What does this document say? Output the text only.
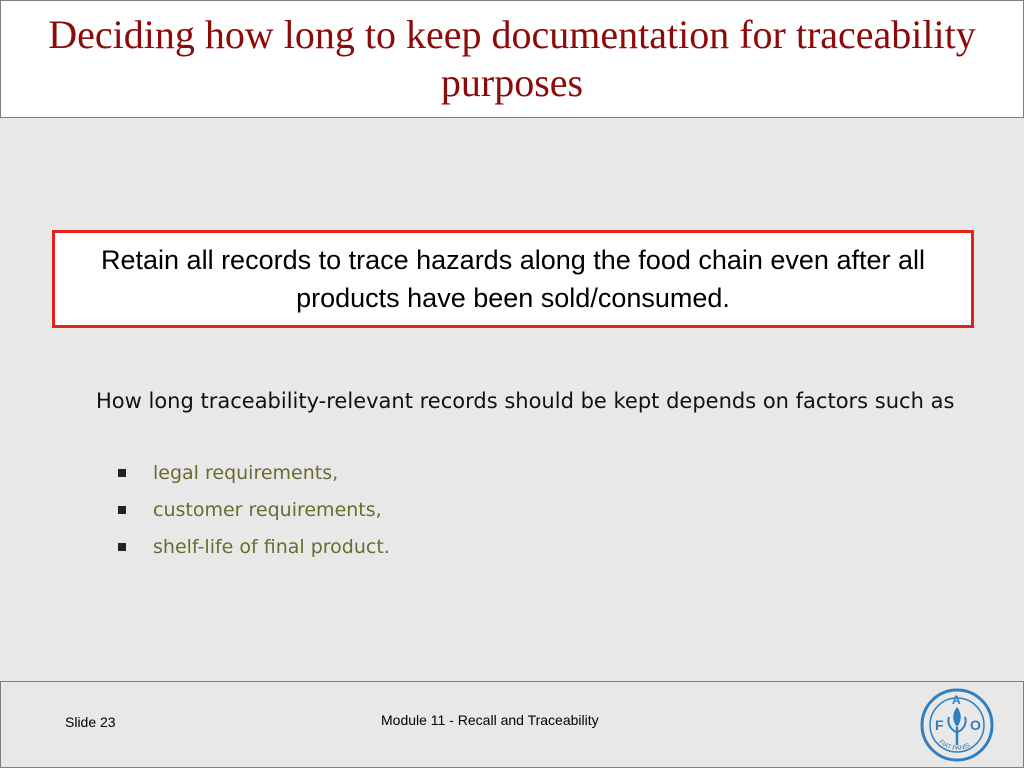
Deciding how long to keep documentation for traceability purposes
Retain all records to trace hazards along the food chain even after all products have been sold/consumed.
How long traceability-relevant records should be kept depends on factors such as
legal requirements,
customer requirements,
shelf-life of final product.
Slide 23	Module 11 - Recall and Traceability	F
A
O
FIAT PANIS
